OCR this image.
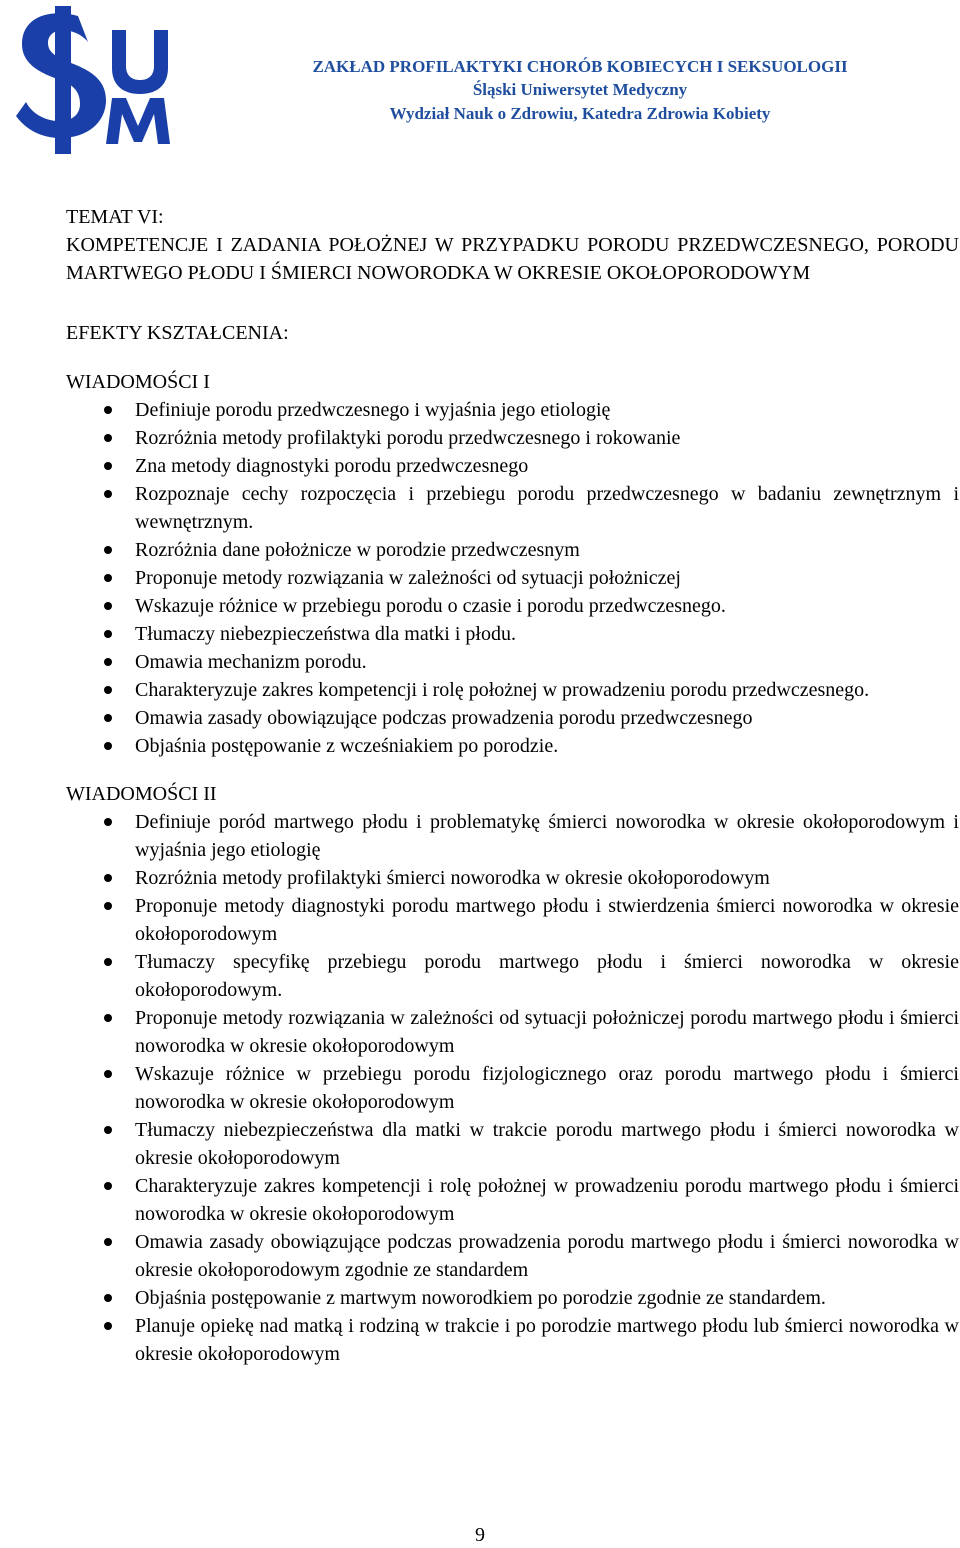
ZAKŁAD PROFILAKTYKI CHORÓB KOBIECYCH I SEKSUOLOGII
Śląski Uniwersytet Medyczny
Wydział Nauk o Zdrowiu, Katedra Zdrowia Kobiety

TEMAT VI:

KOMPETENCJE I ZADANIA POŁOŻNEJ W PRZYPADKU PORODU PRZEDWCZESNEGO, PORODU MARTWEGO PŁODU I ŚMIERCI NOWORODKA W OKRESIE OKOŁOPORODOWYM

EFEKTY KSZTAŁCENIA:

WIADOMOŚCI I

Definiuje porodu przedwczesnego i wyjaśnia jego etiologię
Rozróżnia metody profilaktyki porodu przedwczesnego i rokowanie
Zna metody diagnostyki porodu przedwczesnego
Rozpoznaje cechy rozpoczęcia i przebiegu porodu przedwczesnego w badaniu zewnętrznym i wewnętrznym.
Rozróżnia dane położnicze w porodzie przedwczesnym
Proponuje metody rozwiązania w zależności od sytuacji położniczej
Wskazuje różnice w przebiegu porodu o czasie i porodu przedwczesnego.
Tłumaczy niebezpieczeństwa dla matki i płodu.
Omawia mechanizm porodu.
Charakteryzuje zakres kompetencji i rolę położnej w prowadzeniu porodu przedwczesnego.
Omawia zasady obowiązujące podczas prowadzenia porodu przedwczesnego
Objaśnia postępowanie z wcześniakiem po porodzie.

WIADOMOŚCI II

Definiuje poród martwego płodu i problematykę śmierci noworodka w okresie okołoporodowym i wyjaśnia jego etiologię
Rozróżnia metody profilaktyki śmierci noworodka w okresie okołoporodowym
Proponuje metody diagnostyki porodu martwego płodu i stwierdzenia śmierci noworodka w okresie okołoporodowym
Tłumaczy specyfikę przebiegu porodu martwego płodu i śmierci noworodka w okresie okołoporodowym.
Proponuje metody rozwiązania w zależności od sytuacji położniczej porodu martwego płodu i śmierci noworodka w okresie okołoporodowym
Wskazuje różnice w przebiegu porodu fizjologicznego oraz porodu martwego płodu i śmierci noworodka w okresie okołoporodowym
Tłumaczy niebezpieczeństwa dla matki w trakcie porodu martwego płodu i śmierci noworodka w okresie okołoporodowym
Charakteryzuje zakres kompetencji i rolę położnej w prowadzeniu porodu martwego płodu i śmierci noworodka w okresie okołoporodowym
Omawia zasady obowiązujące podczas prowadzenia porodu martwego płodu i śmierci noworodka w okresie okołoporodowym zgodnie ze standardem
Objaśnia postępowanie z martwym noworodkiem po porodzie zgodnie ze standardem.
Planuje opiekę nad matką i rodziną w trakcie i po porodzie martwego płodu lub śmierci noworodka w okresie okołoporodowym
9
